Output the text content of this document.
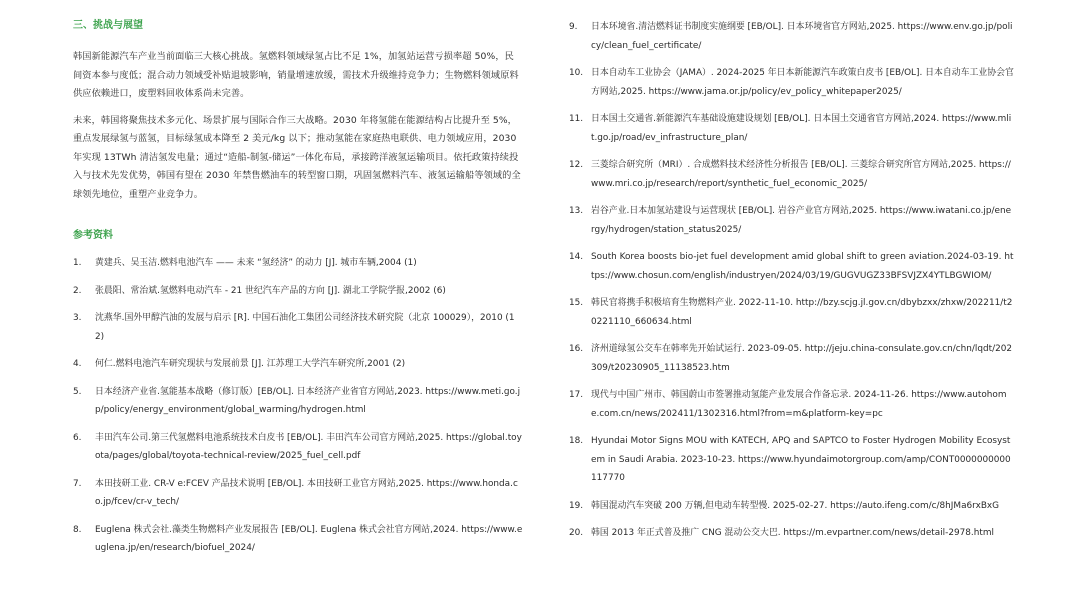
三、挑战与展望

韩国新能源汽车产业当前面临三大核心挑战。氢燃料领域绿氢占比不足 1%，加氢站运营亏损率超 50%，民间资本参与度低；混合动力领域受补贴退坡影响，销量增速放缓，需技术升级维持竞争力；生物燃料领域原料供应依赖进口，废塑料回收体系尚未完善。

未来，韩国将聚焦技术多元化、场景扩展与国际合作三大战略。2030 年将氢能在能源结构占比提升至 5%，重点发展绿氢与蓝氢，目标绿氢成本降至 2 美元/kg 以下；推动氢能在家庭热电联供、电力领域应用，2030 年实现 13TWh 清洁氢发电量；通过“造船-制氢-储运”一体化布局，承接跨洋液氢运输项目。依托政策持续投入与技术先发优势，韩国有望在 2030 年禁售燃油车的转型窗口期，巩固氢燃料汽车、液氢运输船等领域的全球领先地位，重塑产业竞争力。

参考资料
1.	黄建兵、吴玉洁.燃料电池汽车 —— 未来 “氢经济” 的动力 [J]. 城市车辆,2004 (1)
2.	张晨阳、常治斌.氢燃料电动汽车 - 21 世纪汽车产品的方向 [J]. 湖北工学院学报,2002 (6)
3.	沈燕华.国外甲醇汽油的发展与启示 [R]. 中国石油化工集团公司经济技术研究院（北京 100029），2010 (12)
4.	何仁.燃料电池汽车研究现状与发展前景 [J]. 江苏理工大学汽车研究所,2001 (2)
5.	日本经济产业省.氢能基本战略（修订版）[EB/OL]. 日本经济产业省官方网站,2023. https://www.meti.go.jp/policy/energy_environment/global_warming/hydrogen.html
6.	丰田汽车公司.第三代氢燃料电池系统技术白皮书 [EB/OL]. 丰田汽车公司官方网站,2025. https://global.toyota/pages/global/toyota-technical-review/2025_fuel_cell.pdf
7.	本田技研工业. CR-V e:FCEV 产品技术说明 [EB/OL]. 本田技研工业官方网站,2025. https://www.honda.co.jp/fcev/cr-v_tech/
8.	Euglena 株式会社.藻类生物燃料产业发展报告 [EB/OL]. Euglena 株式会社官方网站,2024. https://www.euglena.jp/en/research/biofuel_2024/
9.	日本环境省.清洁燃料证书制度实施纲要 [EB/OL]. 日本环境省官方网站,2025. https://www.env.go.jp/policy/clean_fuel_certificate/
10. 日本自动车工业协会（JAMA）. 2024-2025 年日本新能源汽车政策白皮书 [EB/OL]. 日本自动车工业协会官方网站,2025. https://www.jama.or.jp/policy/ev_policy_whitepaper2025/
11. 日本国土交通省.新能源汽车基础设施建设规划 [EB/OL]. 日本国土交通省官方网站,2024. https://www.mlit.go.jp/road/ev_infrastructure_plan/
12. 三菱综合研究所（MRI）. 合成燃料技术经济性分析报告 [EB/OL]. 三菱综合研究所官方网站,2025. https://www.mri.co.jp/research/report/synthetic_fuel_economic_2025/
13. 岩谷产业.日本加氢站建设与运营现状 [EB/OL]. 岩谷产业官方网站,2025. https://www.iwatani.co.jp/energy/hydrogen/station_status2025/
14. South Korea boosts bio-jet fuel development amid global shift to green aviation.2024-03-19. https://www.chosun.com/english/industryen/2024/03/19/GUGVUGZ33BFSVJZX4YTLBGWIOM/
15. 韩民官将携手积极培育生物燃料产业. 2022-11-10. http://bzy.scjg.jl.gov.cn/dbybzxx/zhxw/202211/t20221110_660634.html
16. 济州道绿氢公交车在韩率先开始试运行. 2023-09-05. http://jeju.china-consulate.gov.cn/chn/lqdt/202309/t20230905_11138523.htm
17. 现代与中国广州市、韩国蔚山市签署推动氢能产业发展合作备忘录. 2024-11-26. https://www.autohome.com.cn/news/202411/1302316.html?from=m&platform-key=pc
18. Hyundai Motor Signs MOU with KATECH, APQ and SAPTCO to Foster Hydrogen Mobility Ecosystem in Saudi Arabia. 2023-10-23. https://www.hyundaimotorgroup.com/amp/CONT0000000000117770
19. 韩国混动汽车突破 200 万辆,但电动车转型慢. 2025-02-27. https://auto.ifeng.com/c/8hJMa6rxBxG
20. 韩国 2013 年正式普及推广 CNG 混动公交大巴. https://m.evpartner.com/news/detail-2978.html
